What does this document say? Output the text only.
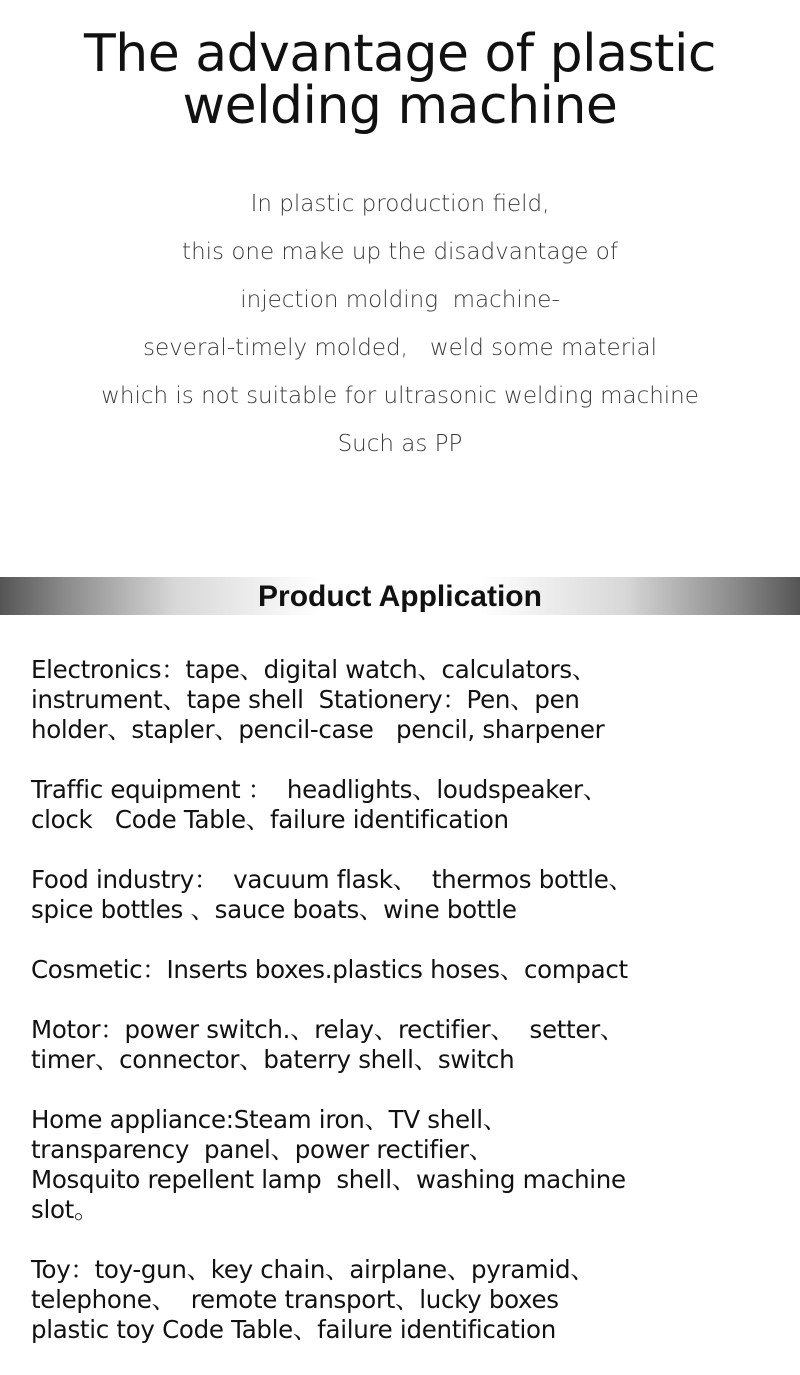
The advantage of plastic
welding machine
In plastic production field,
this one make up the disadvantage of
injection molding  machine-
several-timely molded,   weld some material
which is not suitable for ultrasonic welding machine
Such as PP
Product Application
Electronics：tape、digital watch、calculators、
instrument、tape shell  Stationery：Pen、pen
holder、stapler、pencil-case   pencil, sharpener
Traffic equipment ：  headlights、loudspeaker、
clock   Code Table、failure identification
Food industry：  vacuum flask、  thermos bottle、
spice bottles 、sauce boats、wine bottle
Cosmetic：Inserts boxes.plastics hoses、compact
Motor：power switch.、relay、rectifier、  setter、
timer、connector、baterry shell、switch
Home appliance:Steam iron、TV shell、
transparency  panel、power rectifier、
Mosquito repellent lamp  shell、washing machine
slot。
Toy：toy-gun、key chain、airplane、pyramid、
telephone、  remote transport、lucky boxes
plastic toy Code Table、failure identification
